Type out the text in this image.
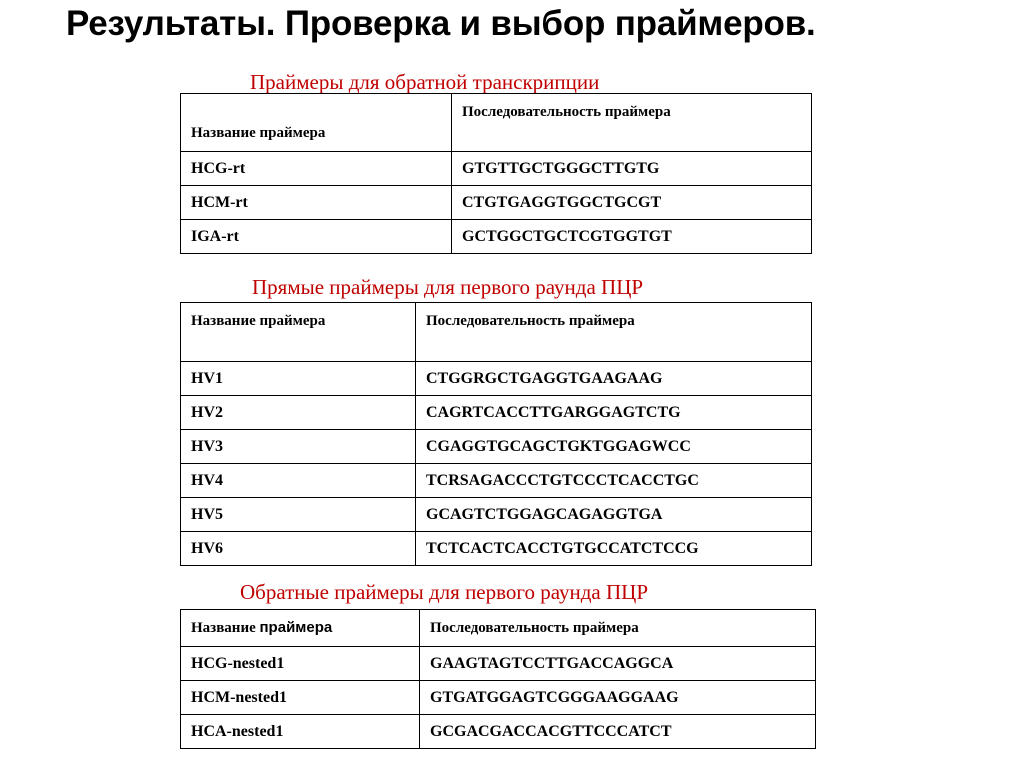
Результаты. Проверка и выбор праймеров.
Праймеры для обратной транскрипции
Название праймера	Последовательность праймера
HCG-rt	GTGTTGCTGGGCTTGTG
HCM-rt	CTGTGAGGTGGCTGCGT
IGA-rt	GCTGGCTGCTCGTGGTGT
Прямые праймеры для первого раунда ПЦР
Название праймера	Последовательность праймера
HV1	CTGGRGCTGAGGTGAAGAAG
HV2	CAGRTCACCTTGARGGAGTCTG
HV3	CGAGGTGCAGCTGKTGGAGWCC
HV4	TCRSAGACCCTGTCCCTCACCTGC
HV5	GCAGTCTGGAGCAGAGGTGA
HV6	TCTCACTCACCTGTGCCATCTCCG
Обратные праймеры для первого раунда ПЦР
Название праймера	Последовательность праймера
HCG-nested1	GAAGTAGTCCTTGACCAGGCA
HCM-nested1	GTGATGGAGTCGGGAAGGAAG
HCA-nested1	GCGACGACCACGTTCCCATCT
